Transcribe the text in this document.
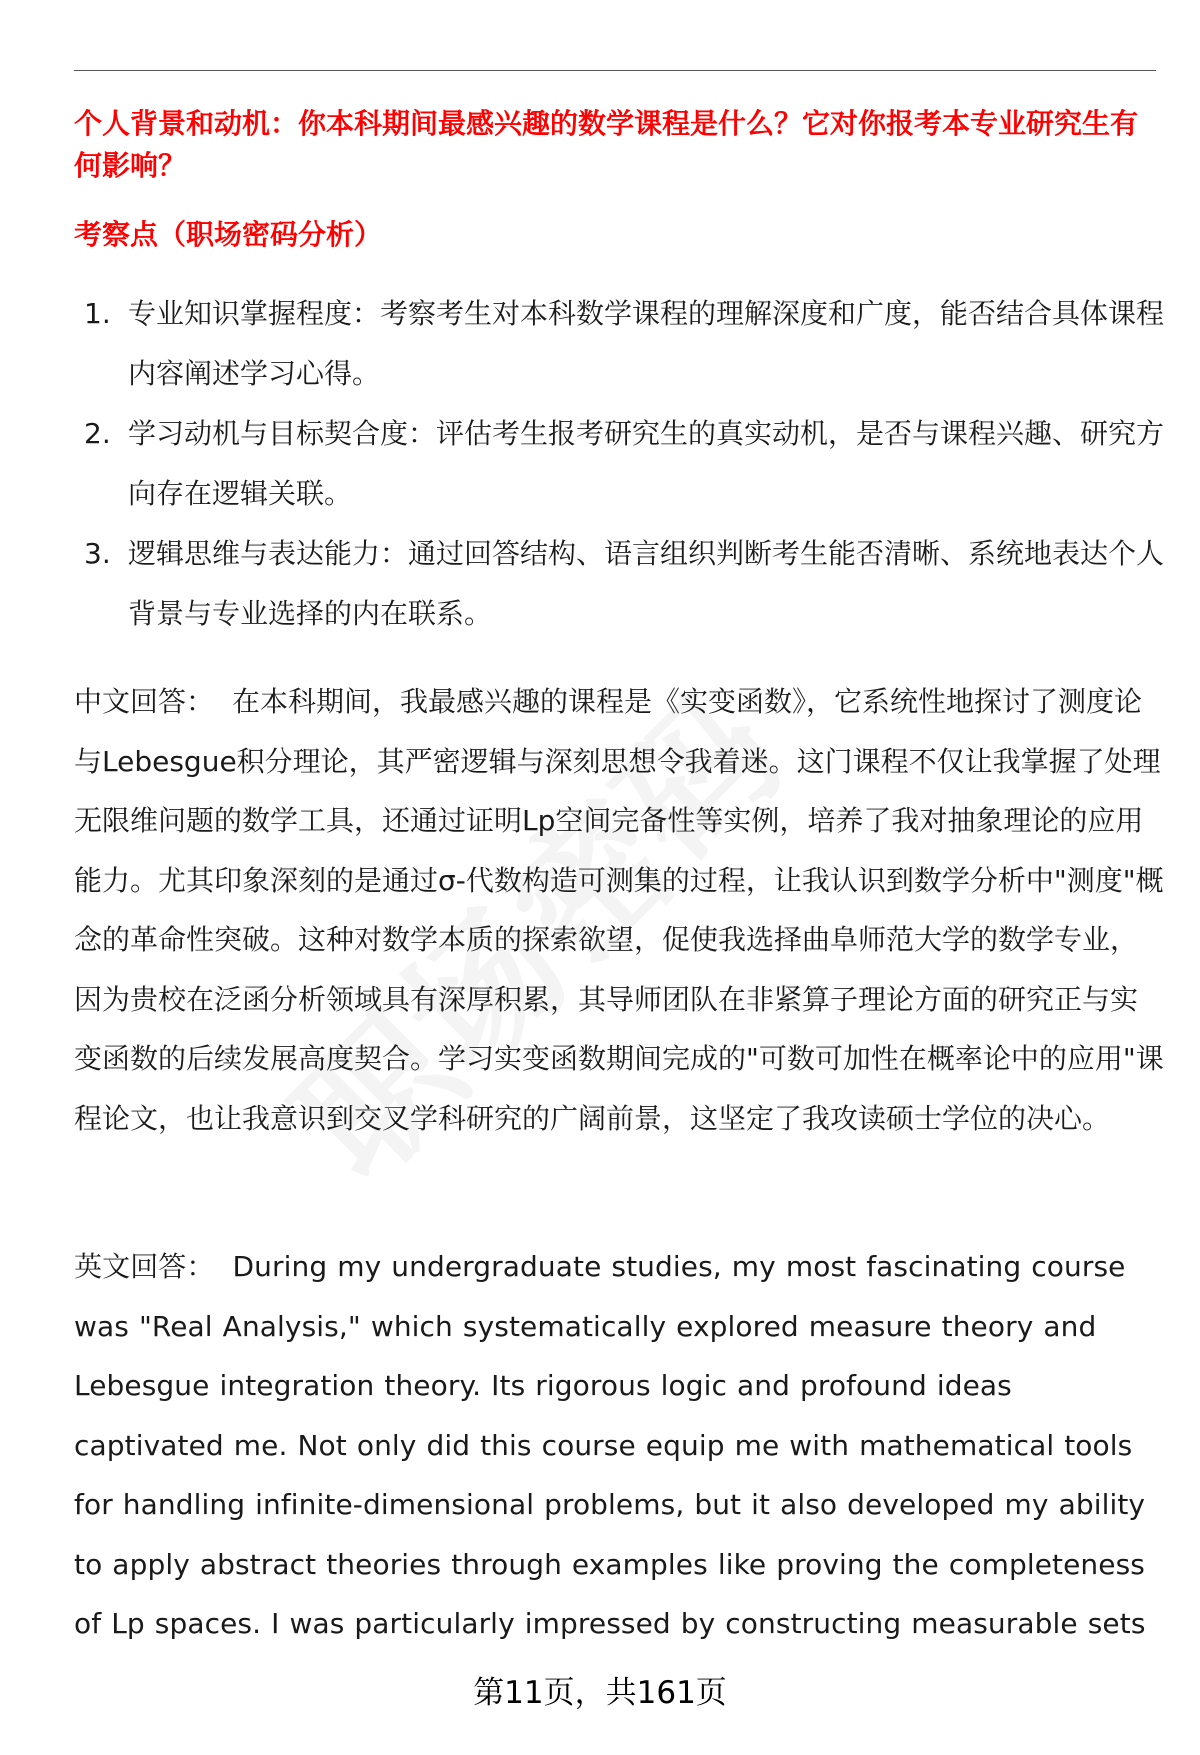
个人背景和动机：你本科期间最感兴趣的数学课程是什么？它对你报考本专业研究生有何影响？

考察点（职场密码分析）

1. 专业知识掌握程度：考察考生对本科数学课程的理解深度和广度，能否结合具体课程内容阐述学习心得。
2. 学习动机与目标契合度：评估考生报考研究生的真实动机，是否与课程兴趣、研究方向存在逻辑关联。
3. 逻辑思维与表达能力：通过回答结构、语言组织判断考生能否清晰、系统地表达个人背景与专业选择的内在联系。

中文回答： 在本科期间，我最感兴趣的课程是《实变函数》，它系统性地探讨了测度论与Lebesgue积分理论，其严密逻辑与深刻思想令我着迷。这门课程不仅让我掌握了处理无限维问题的数学工具，还通过证明Lp空间完备性等实例，培养了我对抽象理论的应用能力。尤其印象深刻的是通过σ-代数构造可测集的过程，让我认识到数学分析中"测度"概念的革命性突破。这种对数学本质的探索欲望，促使我选择曲阜师范大学的数学专业，因为贵校在泛函分析领域具有深厚积累，其导师团队在非紧算子理论方面的研究正与实变函数的后续发展高度契合。学习实变函数期间完成的"可数可加性在概率论中的应用"课程论文，也让我意识到交叉学科研究的广阔前景，这坚定了我攻读硕士学位的决心。

英文回答： During my undergraduate studies, my most fascinating course was "Real Analysis," which systematically explored measure theory and Lebesgue integration theory. Its rigorous logic and profound ideas captivated me. Not only did this course equip me with mathematical tools for handling infinite-dimensional problems, but it also developed my ability to apply abstract theories through examples like proving the completeness of Lp spaces. I was particularly impressed by constructing measurable sets

第11页，共161页
